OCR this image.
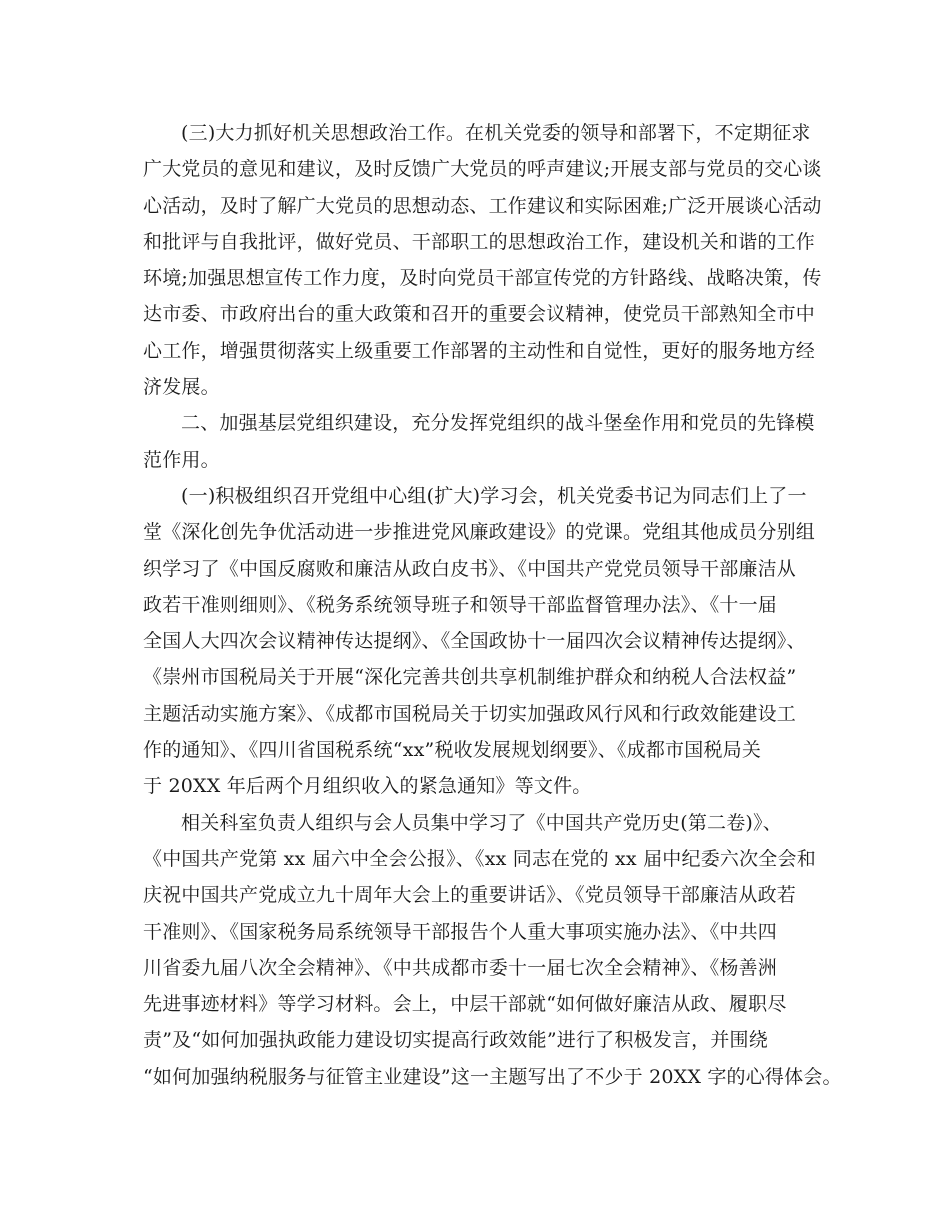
(三)大力抓好机关思想政治工作。在机关党委的领导和部署下，不定期征求
广大党员的意见和建议，及时反馈广大党员的呼声建议;开展支部与党员的交心谈
心活动，及时了解广大党员的思想动态、工作建议和实际困难;广泛开展谈心活动
和批评与自我批评，做好党员、干部职工的思想政治工作，建设机关和谐的工作
环境;加强思想宣传工作力度，及时向党员干部宣传党的方针路线、战略决策，传
达市委、市政府出台的重大政策和召开的重要会议精神，使党员干部熟知全市中
心工作，增强贯彻落实上级重要工作部署的主动性和自觉性，更好的服务地方经
济发展。
二、加强基层党组织建设，充分发挥党组织的战斗堡垒作用和党员的先锋模
范作用。
(一)积极组织召开党组中心组(扩大)学习会，机关党委书记为同志们上了一
堂《深化创先争优活动进一步推进党风廉政建设》的党课。党组其他成员分别组
织学习了《中国反腐败和廉洁从政白皮书》、《中国共产党党员领导干部廉洁从
政若干准则细则》、《税务系统领导班子和领导干部监督管理办法》、《十一届
全国人大四次会议精神传达提纲》、《全国政协十一届四次会议精神传达提纲》、
《崇州市国税局关于开展“深化完善共创共享机制维护群众和纳税人合法权益”
主题活动实施方案》、《成都市国税局关于切实加强政风行风和行政效能建设工
作的通知》、《四川省国税系统“xx”税收发展规划纲要》、《成都市国税局关
于 20XX 年后两个月组织收入的紧急通知》等文件。
相关科室负责人组织与会人员集中学习了《中国共产党历史(第二卷)》、
《中国共产党第 xx 届六中全会公报》、《xx 同志在党的 xx 届中纪委六次全会和
庆祝中国共产党成立九十周年大会上的重要讲话》、《党员领导干部廉洁从政若
干准则》、《国家税务局系统领导干部报告个人重大事项实施办法》、《中共四
川省委九届八次全会精神》、《中共成都市委十一届七次全会精神》、《杨善洲
先进事迹材料》等学习材料。会上，中层干部就“如何做好廉洁从政、履职尽
责”及“如何加强执政能力建设切实提高行政效能”进行了积极发言，并围绕
“如何加强纳税服务与征管主业建设”这一主题写出了不少于 20XX 字的心得体会。
